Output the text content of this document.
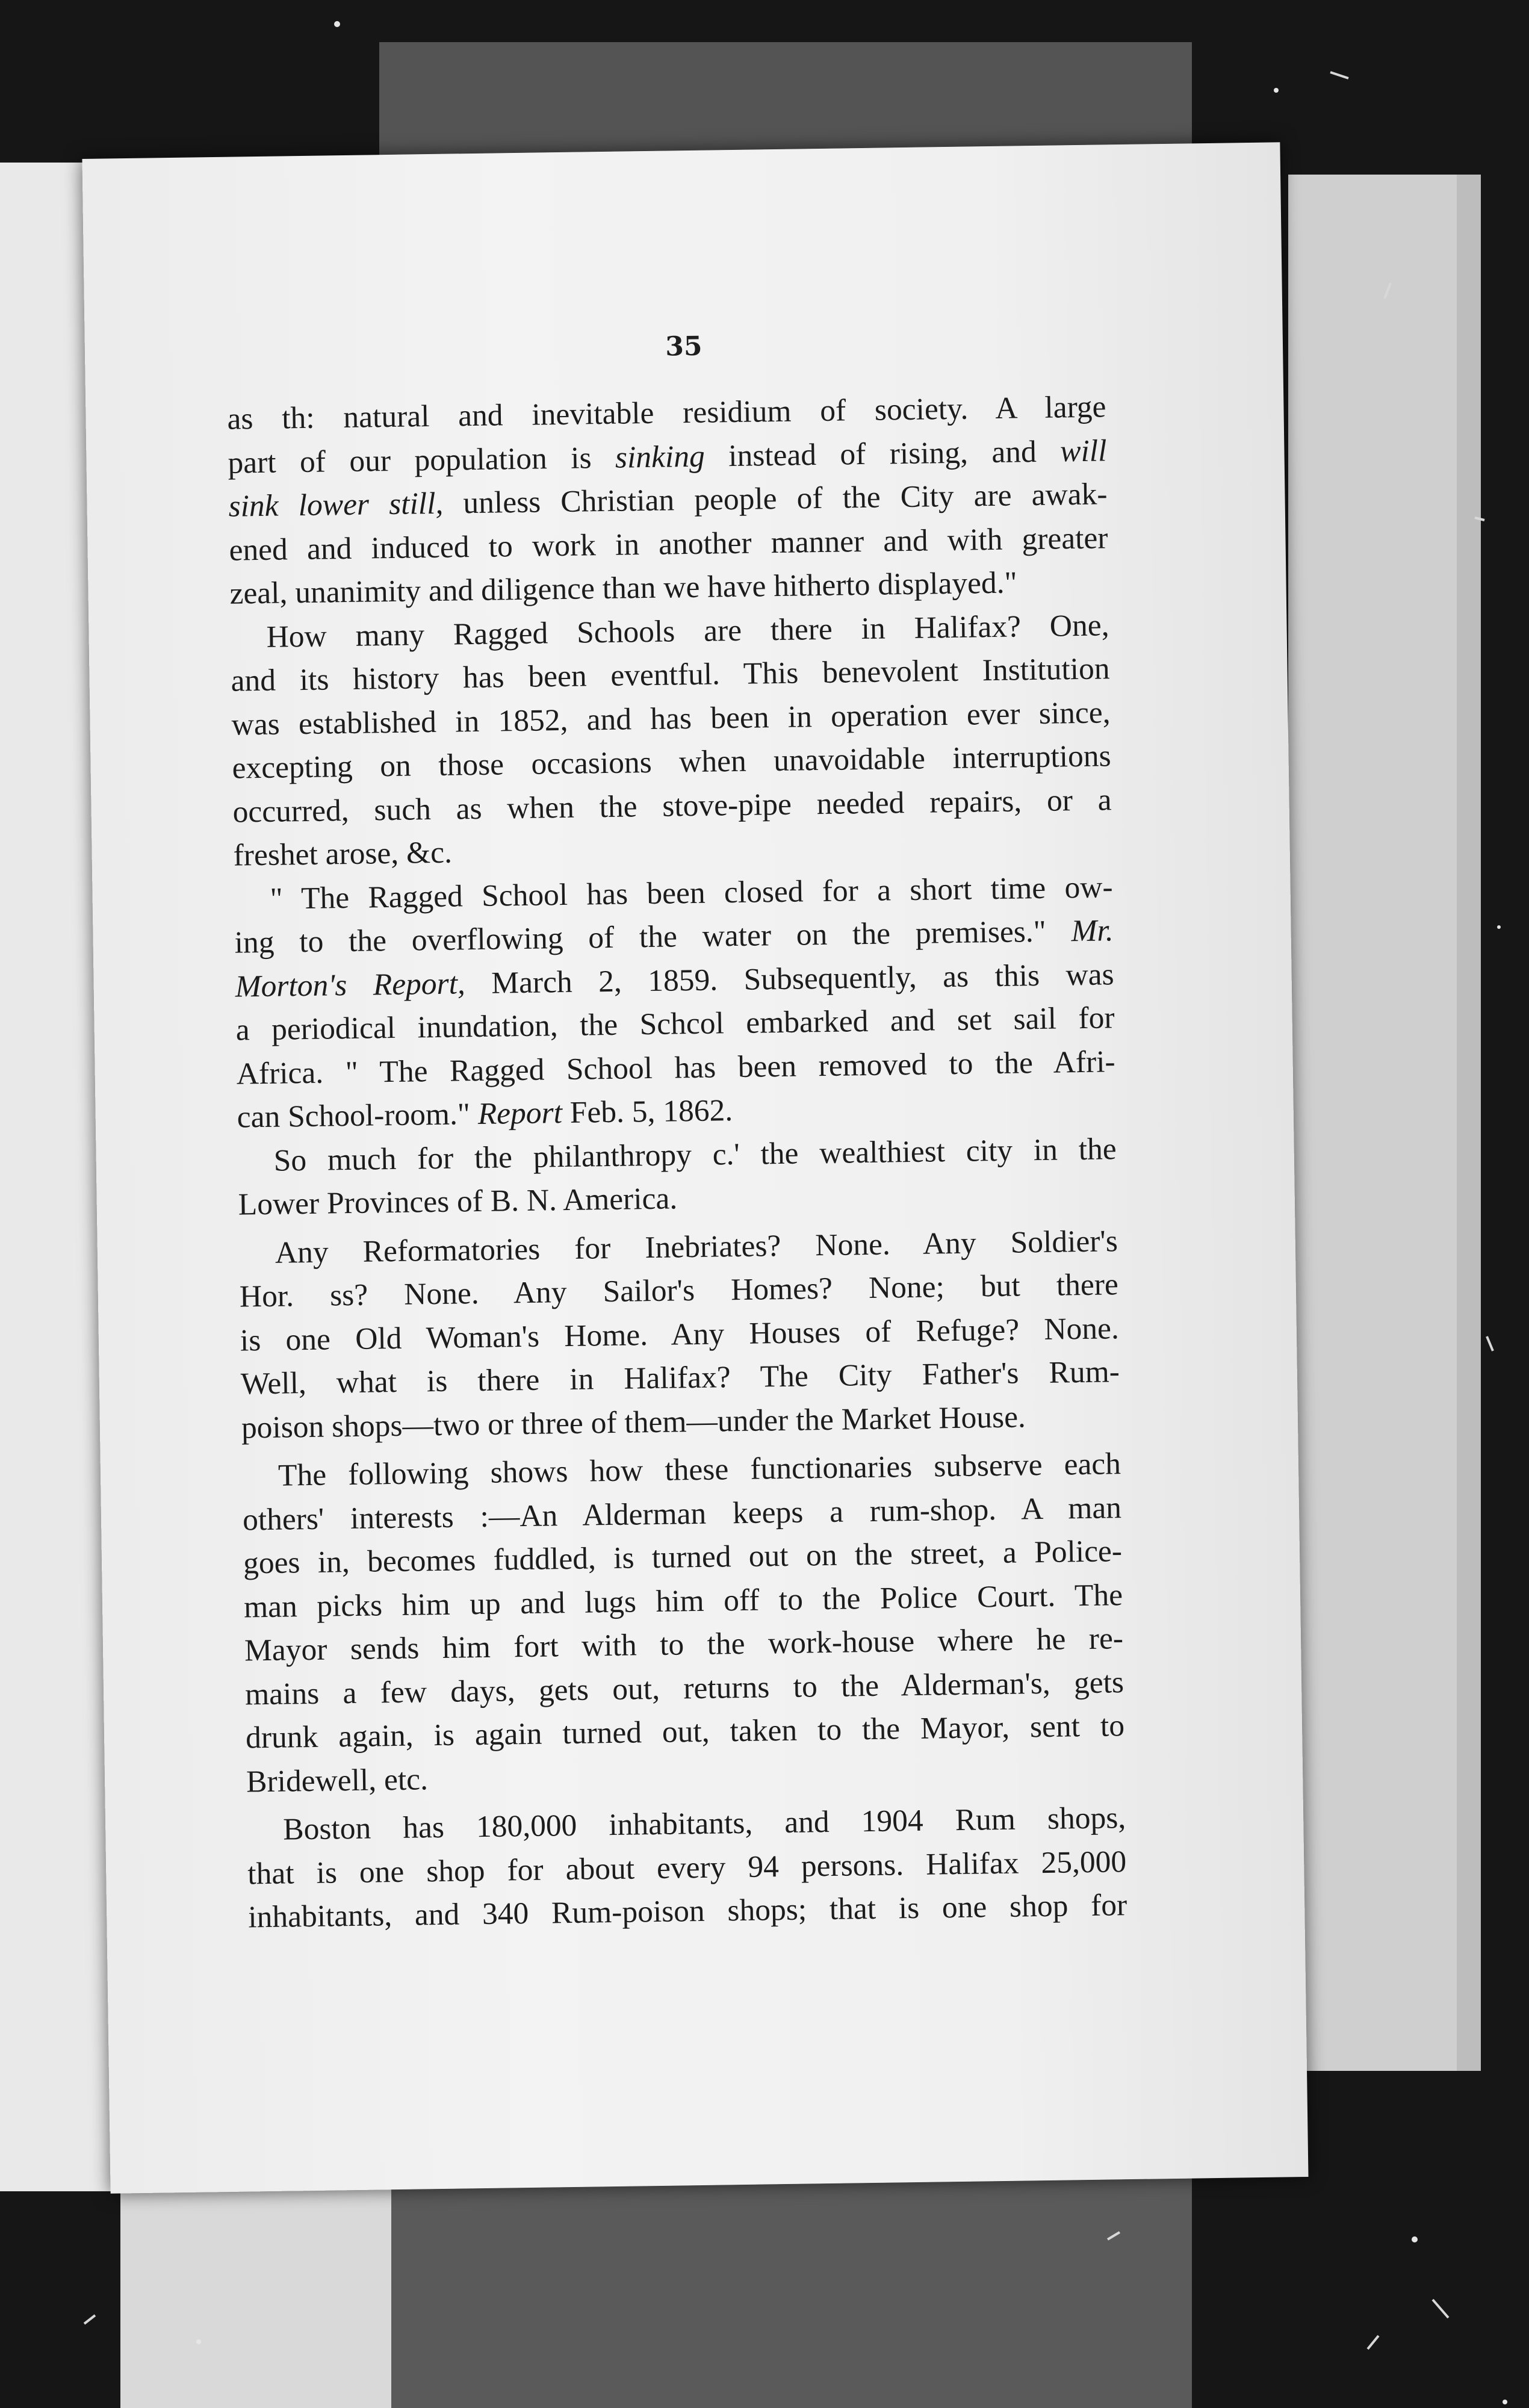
35
as th: natural and inevitable residium of society. A large
part of our population is sinking instead of rising, and will
sink lower still, unless Christian people of the City are awak-
ened and induced to work in another manner and with greater
zeal, unanimity and diligence than we have hitherto displayed."
How many Ragged Schools are there in Halifax? One,
and its history has been eventful. This benevolent Institution
was established in 1852, and has been in operation ever since,
excepting on those occasions when unavoidable interruptions
occurred, such as when the stove-pipe needed repairs, or a
freshet arose, &c.
" The Ragged School has been closed for a short time ow-
ing to the overflowing of the water on the premises." Mr.
Morton's Report, March 2, 1859. Subsequently, as this was
a periodical inundation, the Schcol embarked and set sail for
Africa. " The Ragged School has been removed to the Afri-
can School-room." Report Feb. 5, 1862.
So much for the philanthropy c.' the wealthiest city in the
Lower Provinces of B. N. America.
Any Reformatories for Inebriates? None. Any Soldier's
Hor. ss? None. Any Sailor's Homes? None; but there
is one Old Woman's Home. Any Houses of Refuge? None.
Well, what is there in Halifax? The City Father's Rum-
poison shops—two or three of them—under the Market House.
The following shows how these functionaries subserve each
others' interests :—An Alderman keeps a rum-shop. A man
goes in, becomes fuddled, is turned out on the street, a Police-
man picks him up and lugs him off to the Police Court. The
Mayor sends him fort with to the work-house where he re-
mains a few days, gets out, returns to the Alderman's, gets
drunk again, is again turned out, taken to the Mayor, sent to
Bridewell, etc.
Boston has 180,000 inhabitants, and 1904 Rum shops,
that is one shop for about every 94 persons. Halifax 25,000
inhabitants, and 340 Rum-poison shops; that is one shop for
